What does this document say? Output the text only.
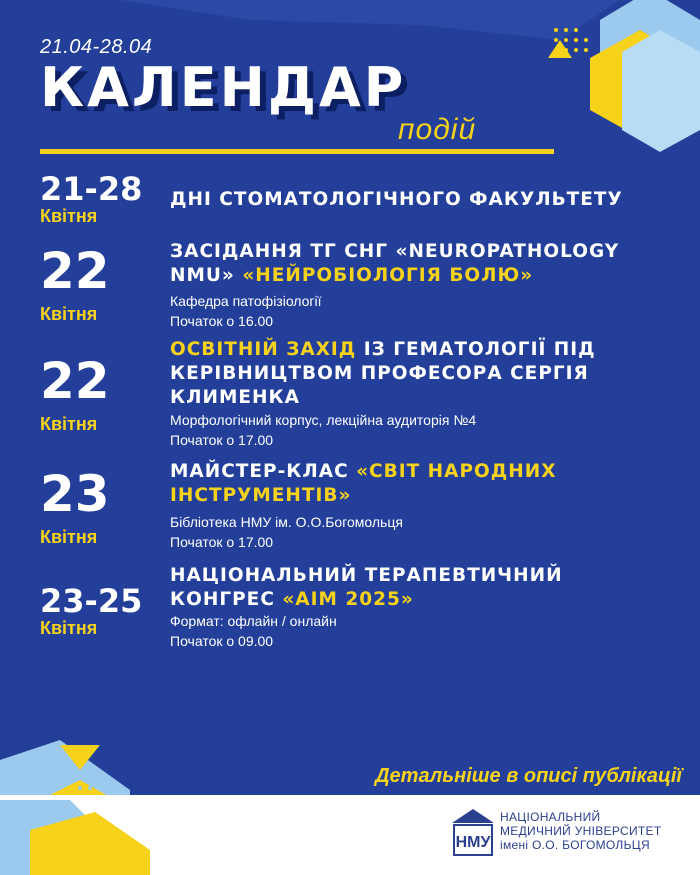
21.04-28.04
КАЛЕНДАР
подій
21-28
Квітня
ДНІ СТОМАТОЛОГІЧНОГО ФАКУЛЬТЕТУ
22
Квітня
ЗАСІДАННЯ ТГ СНГ «NEUROPATHOLOGY NMU» «НЕЙРОБІОЛОГІЯ БОЛЮ»
Кафедра патофізіології
Початок о 16.00
22
Квітня
ОСВІТНІЙ ЗАХІД ІЗ ГЕМАТОЛОГІЇ ПІД КЕРІВНИЦТВОМ ПРОФЕСОРА СЕРГІЯ КЛИМЕНКА
Морфологічний корпус, лекційна аудиторія №4
Початок о 17.00
23
Квітня
МАЙСТЕР-КЛАС «СВІТ НАРОДНИХ ІНСТРУМЕНТІВ»
Бібліотека НМУ ім. О.О.Богомольця
Початок о 17.00
23-25
Квітня
НАЦІОНАЛЬНИЙ ТЕРАПЕВТИЧНИЙ КОНГРЕС «AIM 2025»
Формат: офлайн / онлайн
Початок о 09.00
Детальніше в описі публікації
НМУ
НАЦІОНАЛЬНИЙ
МЕДИЧНИЙ УНІВЕРСИТЕТ
імені О.О. БОГОМОЛЬЦЯ
